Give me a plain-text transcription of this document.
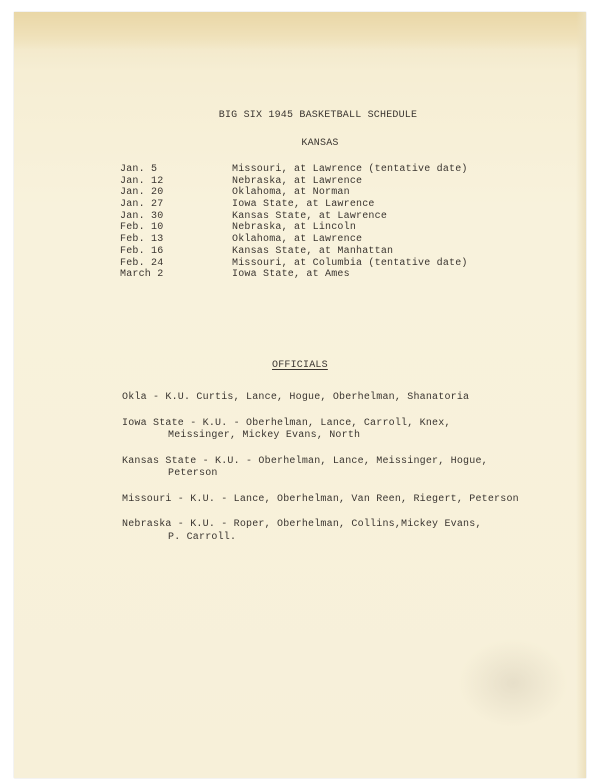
BIG SIX 1945 BASKETBALL SCHEDULE
KANSAS
Jan. 5	Missouri, at Lawrence (tentative date)
Jan. 12	Nebraska, at Lawrence
Jan. 20	Oklahoma, at Norman
Jan. 27	Iowa State, at Lawrence
Jan. 30	Kansas State, at Lawrence
Feb. 10	Nebraska, at Lincoln
Feb. 13	Oklahoma, at Lawrence
Feb. 16	Kansas State, at Manhattan
Feb. 24	Missouri, at Columbia (tentative date)
March 2	Iowa State, at Ames
OFFICIALS
Okla - K.U. Curtis, Lance, Hogue, Oberhelman, Shanatoria
Iowa State - K.U. - Oberhelman, Lance, Carroll, Knex,
Meissinger, Mickey Evans, North
Kansas State - K.U. - Oberhelman, Lance, Meissinger, Hogue,
Peterson
Missouri - K.U. - Lance, Oberhelman, Van Reen, Riegert, Peterson
Nebraska - K.U. - Roper, Oberhelman, Collins,Mickey Evans,
P. Carroll.
